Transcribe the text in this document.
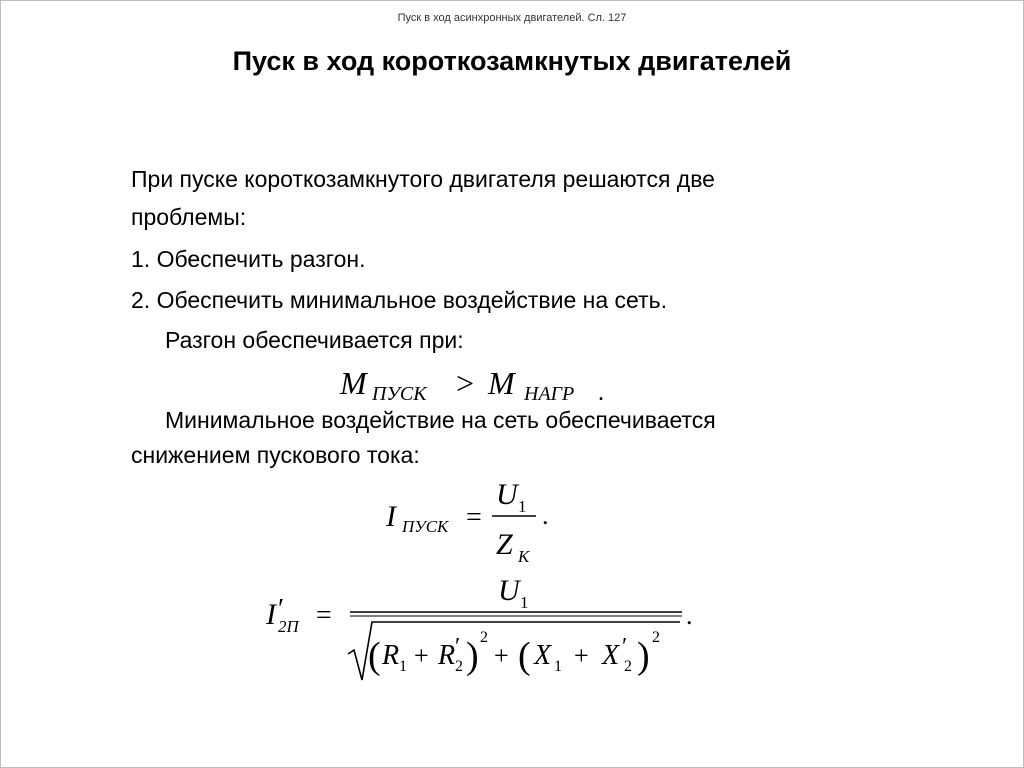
Пуск в ход асинхронных двигателей. Сл. 127
Пуск в ход короткозамкнутых двигателей
При пуске короткозамкнутого двигателя решаются две
проблемы:
1. Обеспечить разгон.
2. Обеспечить минимальное воздействие на сеть.
Разгон обеспечивается при:
M ПУСК > M НАГР .
Минимальное воздействие на сеть обеспечивается
снижением пускового тока:
I ПУСК =
U 1
Z K
.
I ′
2П =
U 1
( R 1 + R ′
2 ) 2
+ ( X 1 + X ′
2 ) 2
.
